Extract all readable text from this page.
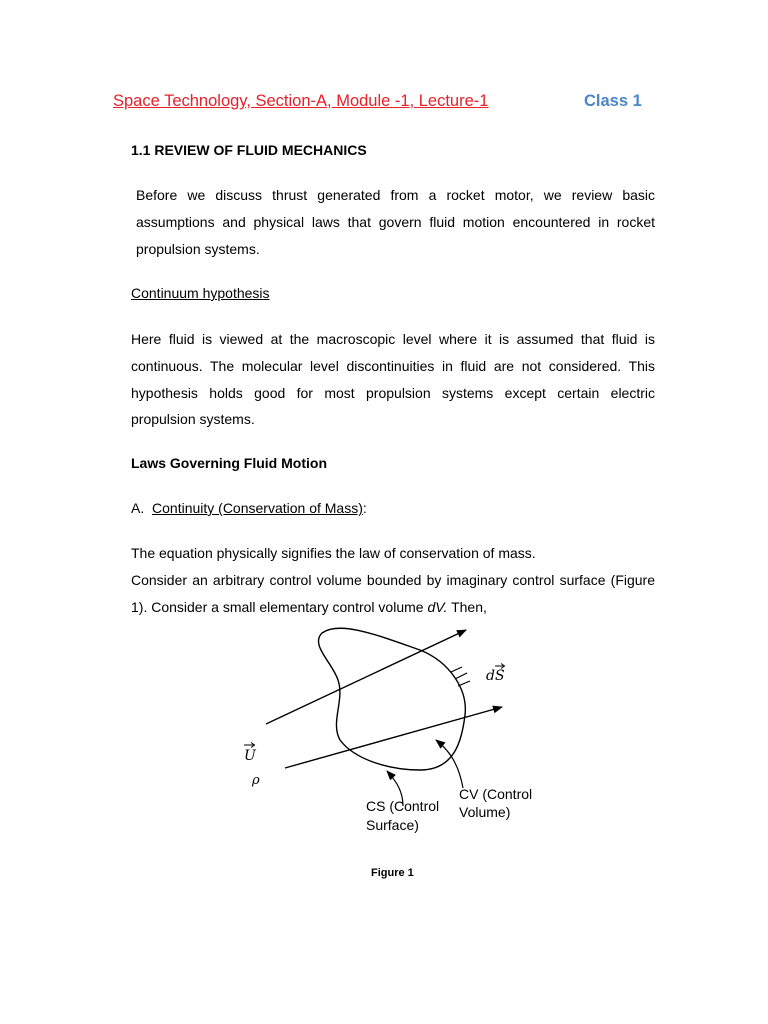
Space Technology, Section-A, Module -1, Lecture-1	Class 1
1.1 REVIEW OF FLUID MECHANICS

Before we discuss thrust generated from a rocket motor, we review basic assumptions and physical laws that govern fluid motion encountered in rocket propulsion systems.

Continuum hypothesis

Here fluid is viewed at the macroscopic level where it is assumed that fluid is continuous. The molecular level discontinuities in fluid are not considered. This hypothesis holds good for most propulsion systems except certain electric propulsion systems.

Laws Governing Fluid Motion
A. Continuity (Conservation of Mass):

The equation physically signifies the law of conservation of mass.
Consider an arbitrary control volume bounded by imaginary control surface (Figure 1). Consider a small elementary control volume dV. Then,

dS
U
ρ
CS (Control
Surface)
CV (Control
Volume)
Figure 1
